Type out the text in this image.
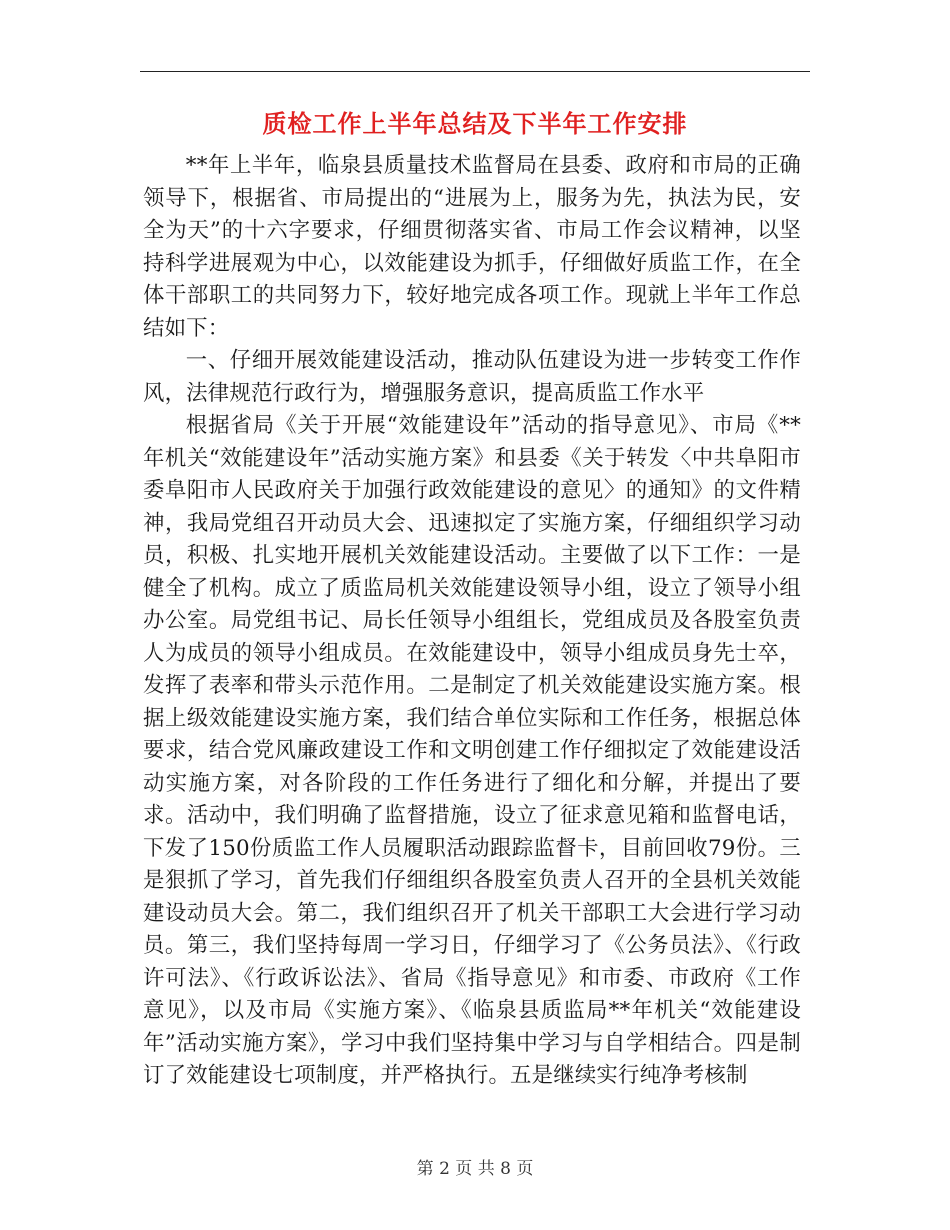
质检工作上半年总结及下半年工作安排

**年上半年，临泉县质量技术监督局在县委、政府和市局的正确领导下，根据省、市局提出的“进展为上，服务为先，执法为民，安全为天”的十六字要求，仔细贯彻落实省、市局工作会议精神，以坚持科学进展观为中心，以效能建设为抓手，仔细做好质监工作，在全体干部职工的共同努力下，较好地完成各项工作。现就上半年工作总结如下：

一、仔细开展效能建设活动，推动队伍建设为进一步转变工作作风，法律规范行政行为，增强服务意识，提高质监工作水平

根据省局《关于开展“效能建设年”活动的指导意见》、市局《**年机关“效能建设年”活动实施方案》和县委《关于转发〈中共阜阳市委阜阳市人民政府关于加强行政效能建设的意见〉的通知》的文件精神，我局党组召开动员大会、迅速拟定了实施方案，仔细组织学习动员，积极、扎实地开展机关效能建设活动。主要做了以下工作：一是健全了机构。成立了质监局机关效能建设领导小组，设立了领导小组办公室。局党组书记、局长任领导小组组长，党组成员及各股室负责人为成员的领导小组成员。在效能建设中，领导小组成员身先士卒，发挥了表率和带头示范作用。二是制定了机关效能建设实施方案。根据上级效能建设实施方案，我们结合单位实际和工作任务，根据总体要求，结合党风廉政建设工作和文明创建工作仔细拟定了效能建设活动实施方案，对各阶段的工作任务进行了细化和分解，并提出了要求。活动中，我们明确了监督措施，设立了征求意见箱和监督电话，下发了150份质监工作人员履职活动跟踪监督卡，目前回收79份。三是狠抓了学习，首先我们仔细组织各股室负责人召开的全县机关效能建设动员大会。第二，我们组织召开了机关干部职工大会进行学习动员。第三，我们坚持每周一学习日，仔细学习了《公务员法》、《行政许可法》、《行政诉讼法》、省局《指导意见》和市委、市政府《工作意见》，以及市局《实施方案》、《临泉县质监局**年机关“效能建设年”活动实施方案》，学习中我们坚持集中学习与自学相结合。四是制订了效能建设七项制度，并严格执行。五是继续实行纯净考核制

第 2 页 共 8 页
